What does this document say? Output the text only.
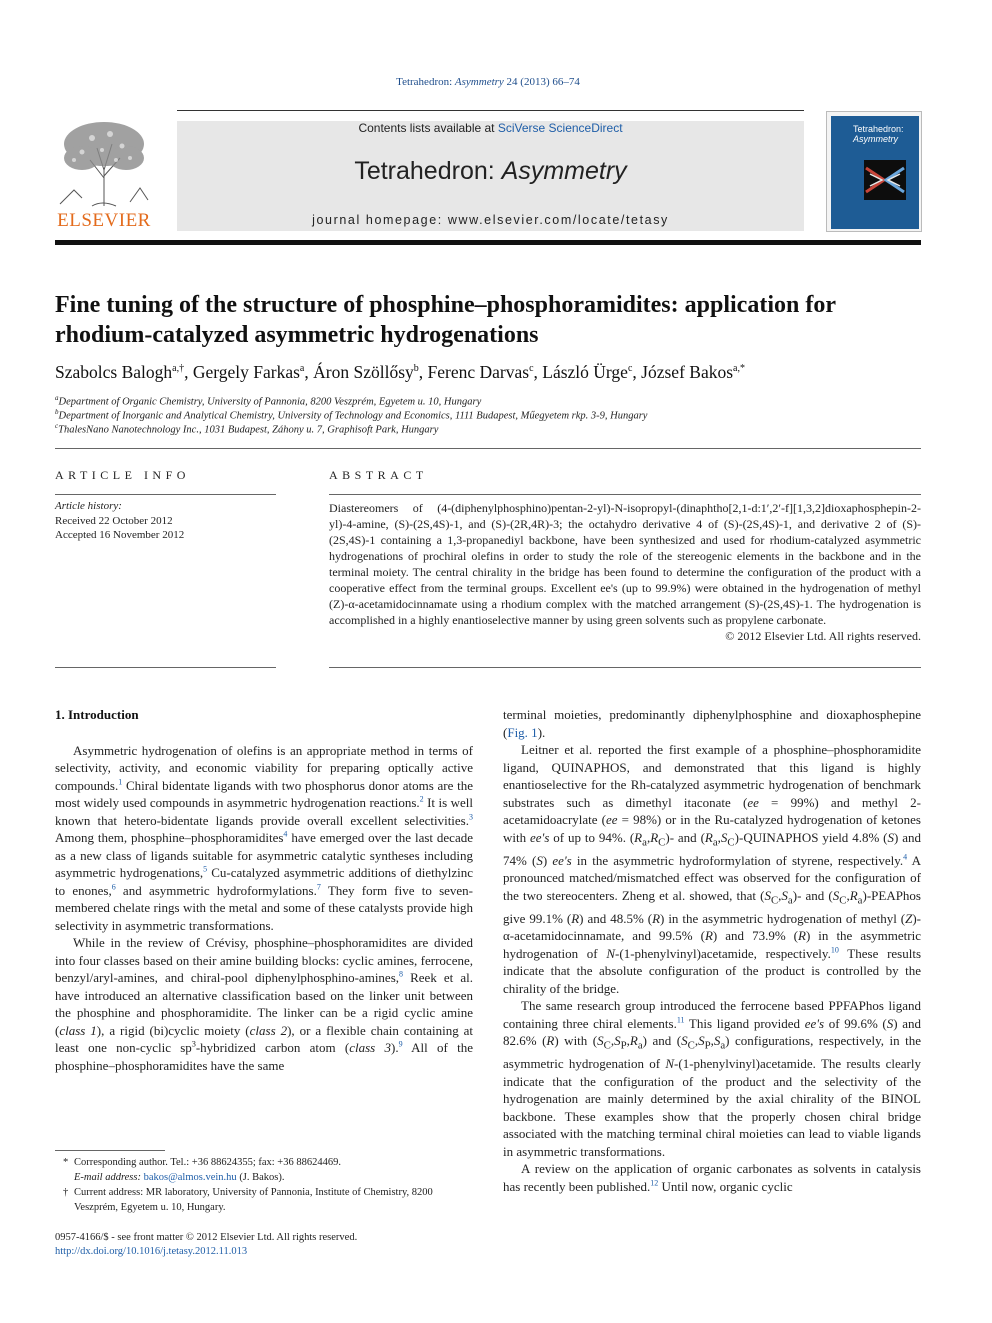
Tetrahedron: Asymmetry 24 (2013) 66–74
ELSEVIER
Contents lists available at SciVerse ScienceDirect
Tetrahedron: Asymmetry
journal homepage: www.elsevier.com/locate/tetasy
Tetrahedron:
Asymmetry
Fine tuning of the structure of phosphine–phosphoramidites: application for rhodium-catalyzed asymmetric hydrogenations
Szabolcs Balogh$^{a,\dagger}$, Gergely Farkas$^a$, Áron Szöllősy$^b$, Ferenc Darvas$^c$, László Ürge$^c$, József Bakos$^{a,*}$
$^a$Department of Organic Chemistry, University of Pannonia, 8200 Veszprém, Egyetem u. 10, Hungary
$^b$Department of Inorganic and Analytical Chemistry, University of Technology and Economics, 1111 Budapest, Műegyetem rkp. 3-9, Hungary
$^c$ThalesNano Nanotechnology Inc., 1031 Budapest, Záhony u. 7, Graphisoft Park, Hungary
ARTICLE INFO
Article history:
Received 22 October 2012
Accepted 16 November 2012
ABSTRACT
Diastereomers of (4-(diphenylphosphino)pentan-2-yl)-N-isopropyl-(dinaphtho[2,1-d:1′,2′-f][1,3,2]dioxaphosphepin-2-yl)-4-amine, (S)-(2S,4S)-1, and (S)-(2R,4R)-3; the octahydro derivative 4 of (S)-(2S,4S)-1, and derivative 2 of (S)-(2S,4S)-1 containing a 1,3-propanediyl backbone, have been synthesized and used for rhodium-catalyzed asymmetric hydrogenations of prochiral olefins in order to study the role of the stereogenic elements in the backbone and in the terminal moiety. The central chirality in the bridge has been found to determine the configuration of the product with a cooperative effect from the terminal groups. Excellent ee's (up to 99.9%) were obtained in the hydrogenation of methyl (Z)-α-acetamidocinnamate using a rhodium complex with the matched arrangement (S)-(2S,4S)-1. The hydrogenation is accomplished in a highly enantioselective manner by using green solvents such as propylene carbonate.
© 2012 Elsevier Ltd. All rights reserved.
1. Introduction

Asymmetric hydrogenation of olefins is an appropriate method in terms of selectivity, activity, and economic viability for preparing optically active compounds.$^1$ Chiral bidentate ligands with two phosphorus donor atoms are the most widely used compounds in asymmetric hydrogenation reactions.$^2$ It is well known that hetero-bidentate ligands provide overall excellent selectivities.$^3$ Among them, phosphine–phosphoramidites$^4$ have emerged over the last decade as a new class of ligands suitable for asymmetric catalytic syntheses including asymmetric hydrogenations,$^5$ Cu-catalyzed asymmetric additions of diethylzinc to enones,$^6$ and asymmetric hydroformylations.$^7$ They form five to seven-membered chelate rings with the metal and some of these catalysts provide high selectivity in asymmetric transformations.

While in the review of Crévisy, phosphine–phosphoramidites are divided into four classes based on their amine building blocks: cyclic amines, ferrocene, benzyl/aryl-amines, and chiral-pool diphenylphosphino-amines,$^8$ Reek et al. have introduced an alternative classification based on the linker unit between the phosphine and phosphoramidite. The linker can be a rigid cyclic amine (class 1), a rigid (bi)cyclic moiety (class 2), or a flexible chain containing at least one non-cyclic $sp^3$-hybridized carbon atom (class 3).$^9$ All of the phosphine–phosphoramidites have the same

terminal moieties, predominantly diphenylphosphine and dioxaphosphepine (Fig. 1).

Leitner et al. reported the first example of a phosphine–phosphoramidite ligand, QUINAPHOS, and demonstrated that this ligand is highly enantioselective for the Rh-catalyzed asymmetric hydrogenation of benchmark substrates such as dimethyl itaconate (ee = 99%) and methyl 2-acetamidoacrylate (ee = 98%) or in the Ru-catalyzed hydrogenation of ketones with ee's of up to 94%. $(R_a,R_C)-$ and $(R_a,S_C)$-QUINAPHOS yield 4.8% (S) and 74% (S) ee's in the asymmetric hydroformylation of styrene, respectively.$^4$ A pronounced matched/mismatched effect was observed for the configuration of the two stereocenters. Zheng et al. showed, that $(S_C,S_a)-$ and $(S_C,R_a)$-PEAPhos give 99.1% (R) and 48.5% (R) in the asymmetric hydrogenation of methyl (Z)-α-acetamidocinnamate, and 99.5% (R) and 73.9% (R) in the asymmetric hydrogenation of N-(1-phenylvinyl)acetamide, respectively.$^{10}$ These results indicate that the absolute configuration of the product is controlled by the chirality of the bridge.

The same research group introduced the ferrocene based PPFAPhos ligand containing three chiral elements.$^{11}$ This ligand provided ee's of 99.6% (S) and 82.6% (R) with $(S_C,S_P,R_a)$ and $(S_C,S_P,S_a)$ configurations, respectively, in the asymmetric hydrogenation of N-(1-phenylvinyl)acetamide. The results clearly indicate that the configuration of the product and the selectivity of the hydrogenation are mainly determined by the axial chirality of the BINOL backbone. These examples show that the properly chosen chiral bridge associated with the matching terminal chiral moieties can lead to viable ligands in asymmetric transformations.

A review on the application of organic carbonates as solvents in catalysis has recently been published.$^{12}$ Until now, organic cyclic

* Corresponding author. Tel.: +36 88624355; fax: +36 88624469.
E-mail address: bakos@almos.vein.hu (J. Bakos).
† Current address: MR laboratory, University of Pannonia, Institute of Chemistry, 8200 Veszprém, Egyetem u. 10, Hungary.
0957-4166/$ - see front matter © 2012 Elsevier Ltd. All rights reserved.
http://dx.doi.org/10.1016/j.tetasy.2012.11.013
